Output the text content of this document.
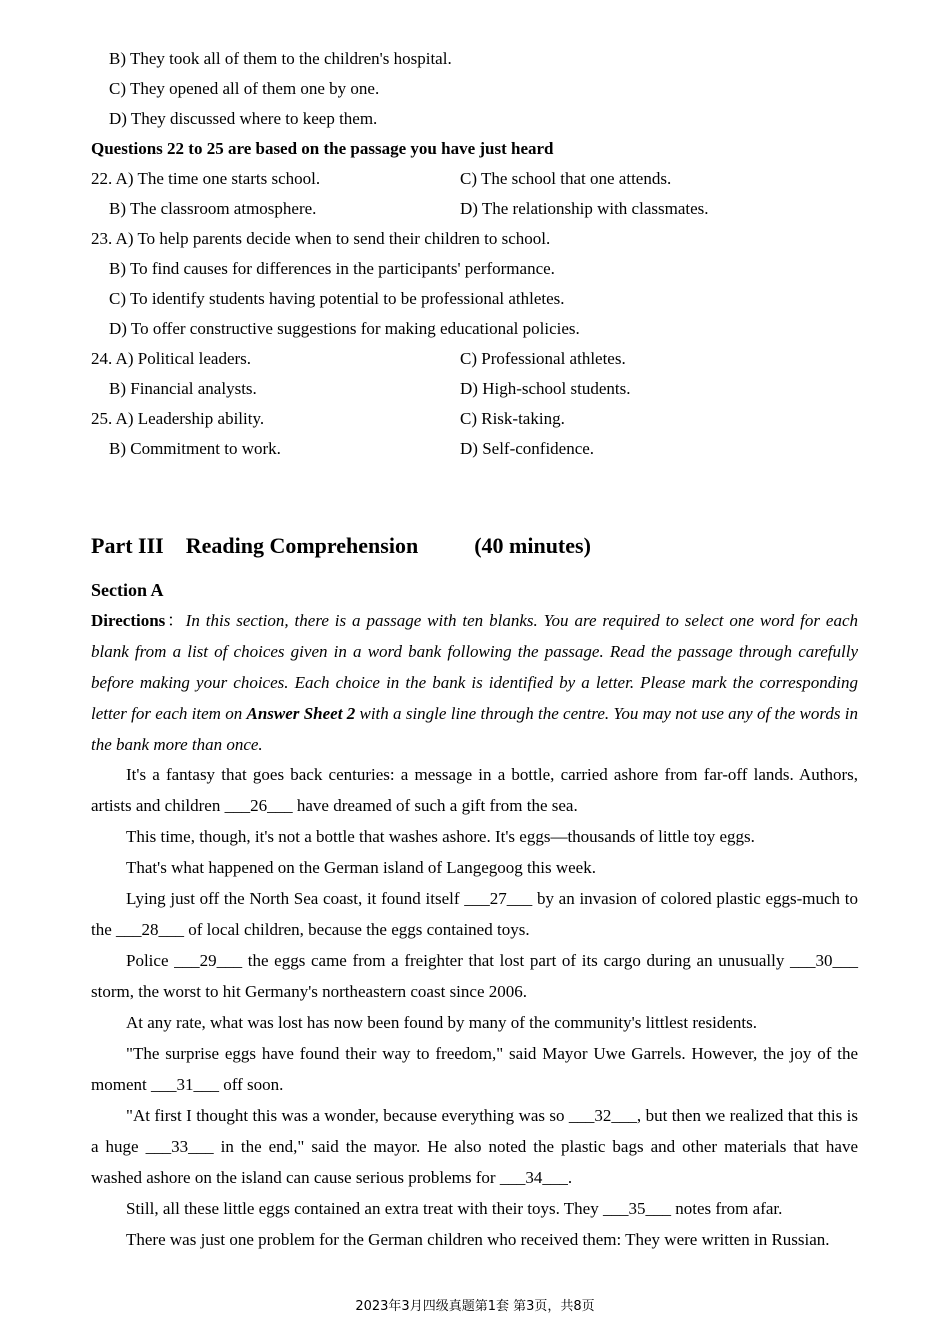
B) They took all of them to the children's hospital.
C) They opened all of them one by one.
D) They discussed where to keep them.
Questions 22 to 25 are based on the passage you have just heard
22. A) The time one starts school.	C) The school that one attends.
B) The classroom atmosphere.	D) The relationship with classmates.
23. A) To help parents decide when to send their children to school.
B) To find causes for differences in the participants' performance.
C) To identify students having potential to be professional athletes.
D) To offer constructive suggestions for making educational policies.
24. A) Political leaders.	C) Professional athletes.
B) Financial analysts.	D) High-school students.
25. A) Leadership ability.	C) Risk-taking.
B) Commitment to work.	D) Self-confidence.
Part III Reading Comprehension	(40 minutes)
Section A
Directions：In this section, there is a passage with ten blanks. You are required to select one word for each blank from a list of choices given in a word bank following the passage. Read the passage through carefully before making your choices. Each choice in the bank is identified by a letter. Please mark the corresponding letter for each item on Answer Sheet 2 with a single line through the centre. You may not use any of the words in the bank more than once.

It's a fantasy that goes back centuries: a message in a bottle, carried ashore from far-off lands. Authors, artists and children ___26___ have dreamed of such a gift from the sea.

This time, though, it's not a bottle that washes ashore. It's eggs—thousands of little toy eggs.

That's what happened on the German island of Langegoog this week.

Lying just off the North Sea coast, it found itself ___27___ by an invasion of colored plastic eggs-much to the ___28___ of local children, because the eggs contained toys.

Police ___29___ the eggs came from a freighter that lost part of its cargo during an unusually ___30___ storm, the worst to hit Germany's northeastern coast since 2006.

At any rate, what was lost has now been found by many of the community's littlest residents.

"The surprise eggs have found their way to freedom," said Mayor Uwe Garrels. However, the joy of the moment ___31___ off soon.

"At first I thought this was a wonder, because everything was so ___32___, but then we realized that this is a huge ___33___ in the end," said the mayor. He also noted the plastic bags and other materials that have washed ashore on the island can cause serious problems for ___34___.

Still, all these little eggs contained an extra treat with their toys. They ___35___ notes from afar.

There was just one problem for the German children who received them: They were written in Russian.

2023年3月四级真题第1套 第3页，共8页
